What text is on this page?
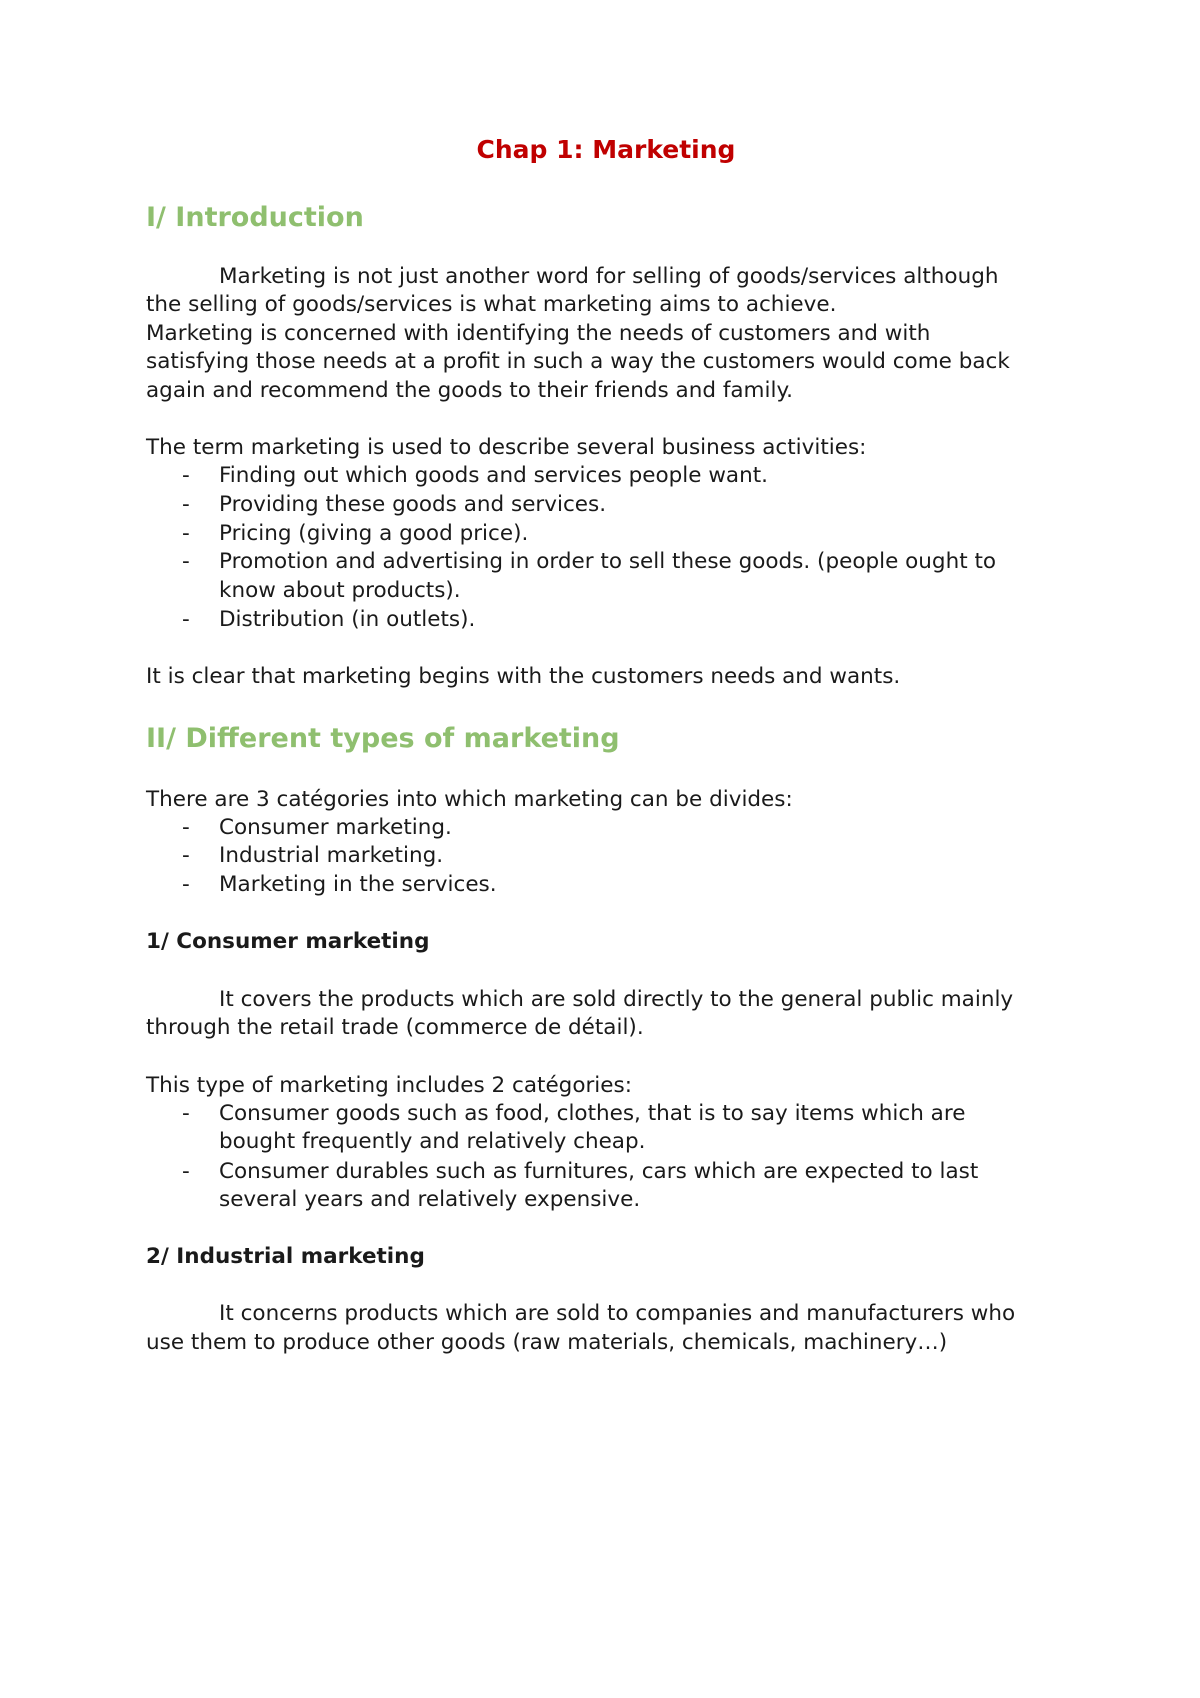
Chap 1: Marketing
I/ Introduction
Marketing is not just another word for selling of goods/services although
the selling of goods/services is what marketing aims to achieve.
Marketing is concerned with identifying the needs of customers and with
satisfying those needs at a profit in such a way the customers would come back
again and recommend the goods to their friends and family.
The term marketing is used to describe several business activities:
- Finding out which goods and services people want.
- Providing these goods and services.
- Pricing (giving a good price).
- Promotion and advertising in order to sell these goods. (people ought to
know about products).
- Distribution (in outlets).
It is clear that marketing begins with the customers needs and wants.
II/ Different types of marketing
There are 3 catégories into which marketing can be divides:
- Consumer marketing.
- Industrial marketing.
- Marketing in the services.
1/ Consumer marketing
It covers the products which are sold directly to the general public mainly
through the retail trade (commerce de détail).
This type of marketing includes 2 catégories:
- Consumer goods such as food, clothes, that is to say items which are
bought frequently and relatively cheap.
- Consumer durables such as furnitures, cars which are expected to last
several years and relatively expensive.
2/ Industrial marketing
It concerns products which are sold to companies and manufacturers who
use them to produce other goods (raw materials, chemicals, machinery…)
